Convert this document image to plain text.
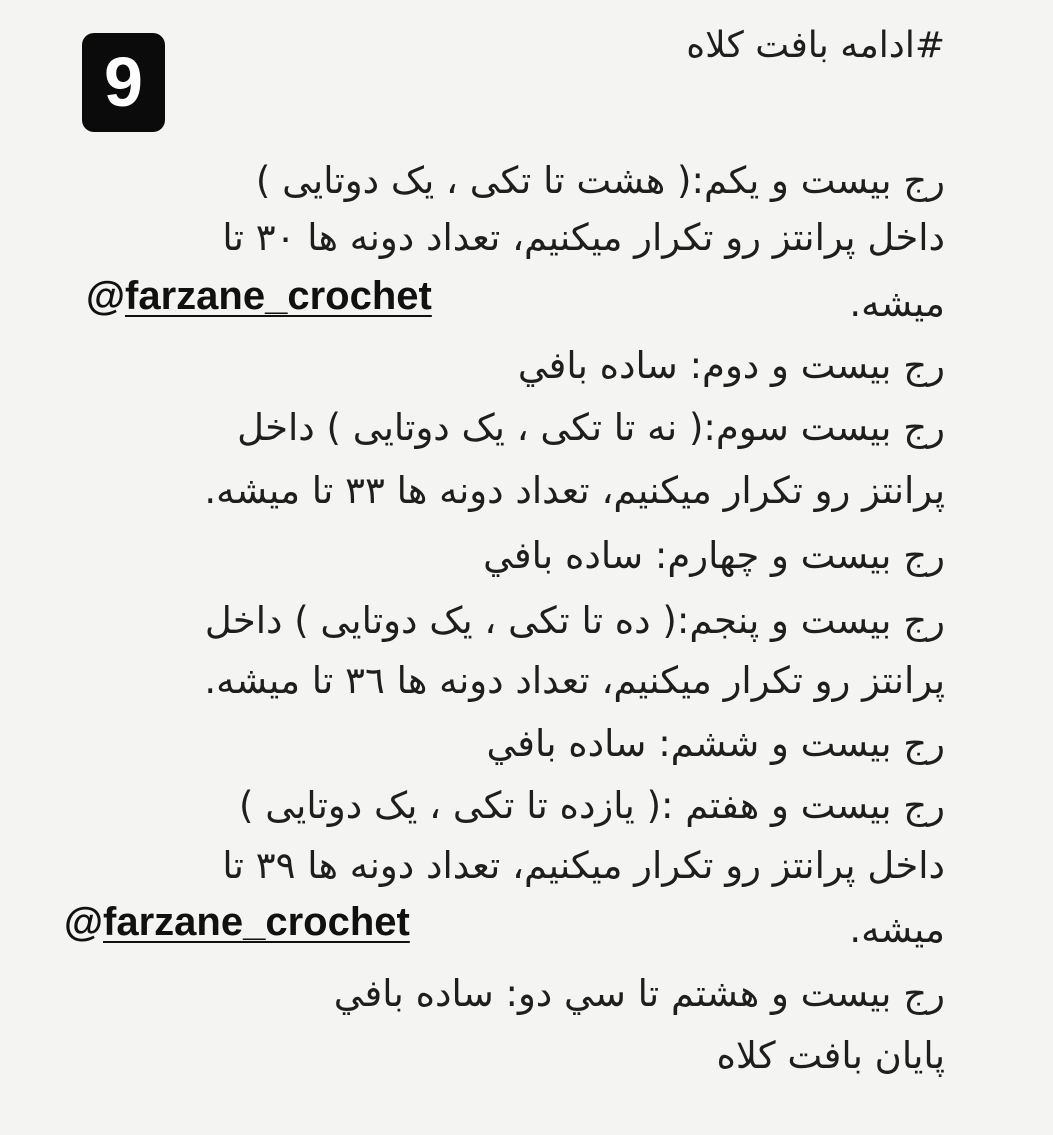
9	#ادامه بافت کلاه
رج بیست و یکم:( هشت تا تکی ، یک دوتایی )
داخل پرانتز رو تکرار میکنیم، تعداد دونه ها ۳۰ تا
میشه.
@farzane_crochet
رج بیست و دوم: ساده بافي
رج بیست سوم:( نه تا تکی ، یک دوتایی ) داخل
پرانتز رو تکرار میکنیم، تعداد دونه ها ۳۳ تا میشه.
رج بیست و چهارم: ساده بافي
رج بیست و پنجم:( ده تا تکی ، یک دوتایی ) داخل
پرانتز رو تکرار میکنیم، تعداد دونه ها ۳٦ تا میشه.
رج بیست و ششم: ساده بافي
رج بیست و هفتم :( یازده تا تکی ، یک دوتایی )
داخل پرانتز رو تکرار میکنیم، تعداد دونه ها ۳۹ تا
میشه.
@farzane_crochet
رج بیست و هشتم تا سي دو: ساده بافي
پایان بافت کلاه
